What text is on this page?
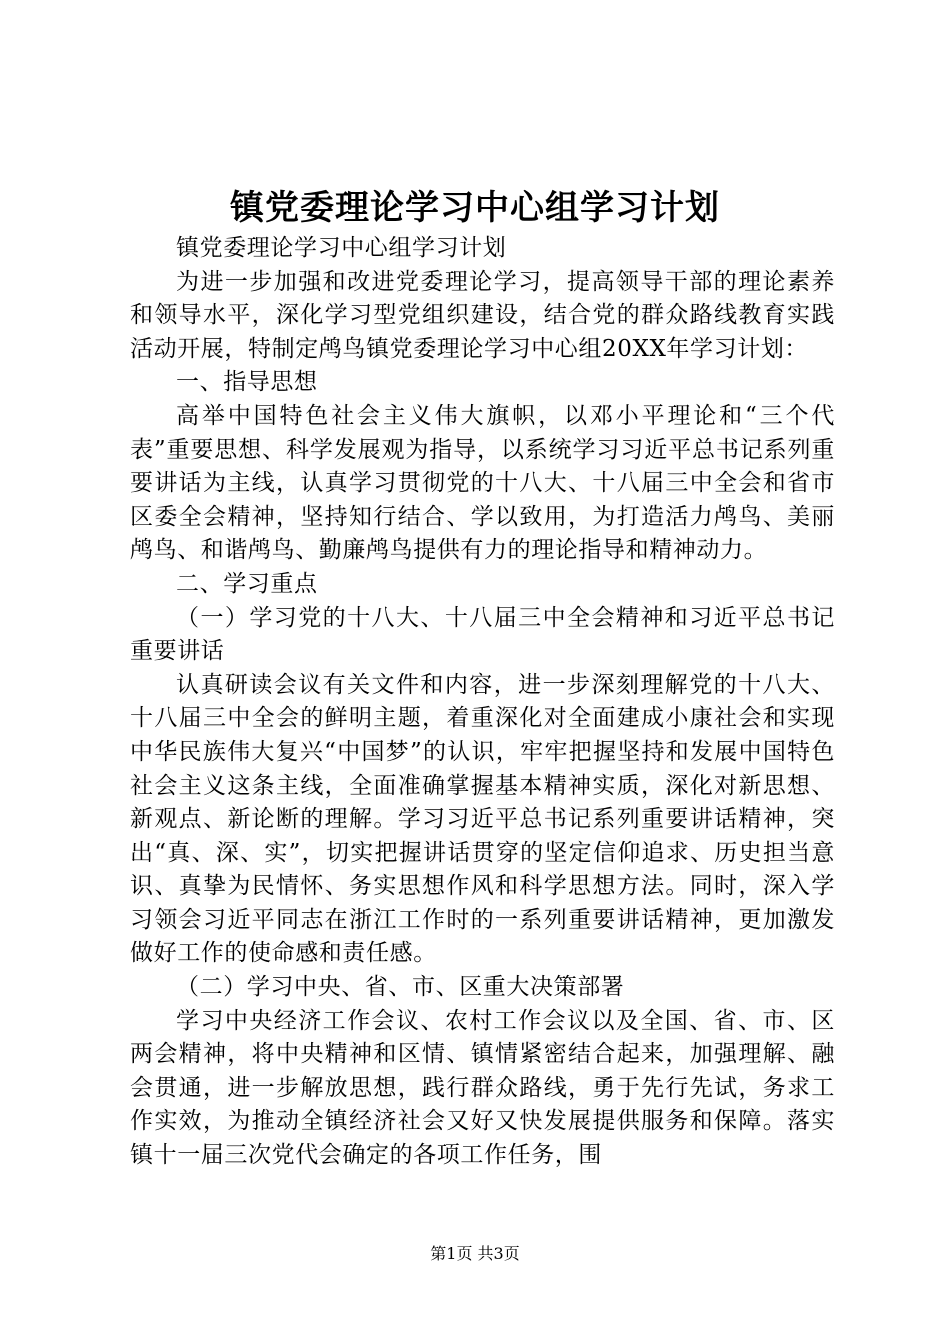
镇党委理论学习中心组学习计划

镇党委理论学习中心组学习计划

为进一步加强和改进党委理论学习，提高领导干部的理论素养和领导水平，深化学习型党组织建设，结合党的群众路线教育实践活动开展，特制定鸬鸟镇党委理论学习中心组20XX年学习计划：

一、指导思想

高举中国特色社会主义伟大旗帜，以邓小平理论和“三个代表”重要思想、科学发展观为指导，以系统学习习近平总书记系列重要讲话为主线，认真学习贯彻党的十八大、十八届三中全会和省市区委全会精神，坚持知行结合、学以致用，为打造活力鸬鸟、美丽鸬鸟、和谐鸬鸟、勤廉鸬鸟提供有力的理论指导和精神动力。

二、学习重点

（一）学习党的十八大、十八届三中全会精神和习近平总书记重要讲话

认真研读会议有关文件和内容，进一步深刻理解党的十八大、十八届三中全会的鲜明主题，着重深化对全面建成小康社会和实现中华民族伟大复兴“中国梦”的认识，牢牢把握坚持和发展中国特色社会主义这条主线，全面准确掌握基本精神实质，深化对新思想、新观点、新论断的理解。学习习近平总书记系列重要讲话精神，突出“真、深、实”，切实把握讲话贯穿的坚定信仰追求、历史担当意识、真挚为民情怀、务实思想作风和科学思想方法。同时，深入学习领会习近平同志在浙江工作时的一系列重要讲话精神，更加激发做好工作的使命感和责任感。

（二）学习中央、省、市、区重大决策部署

学习中央经济工作会议、农村工作会议以及全国、省、市、区两会精神，将中央精神和区情、镇情紧密结合起来，加强理解、融会贯通，进一步解放思想，践行群众路线，勇于先行先试，务求工作实效，为推动全镇经济社会又好又快发展提供服务和保障。落实镇十一届三次党代会确定的各项工作任务，围

第1页 共3页
